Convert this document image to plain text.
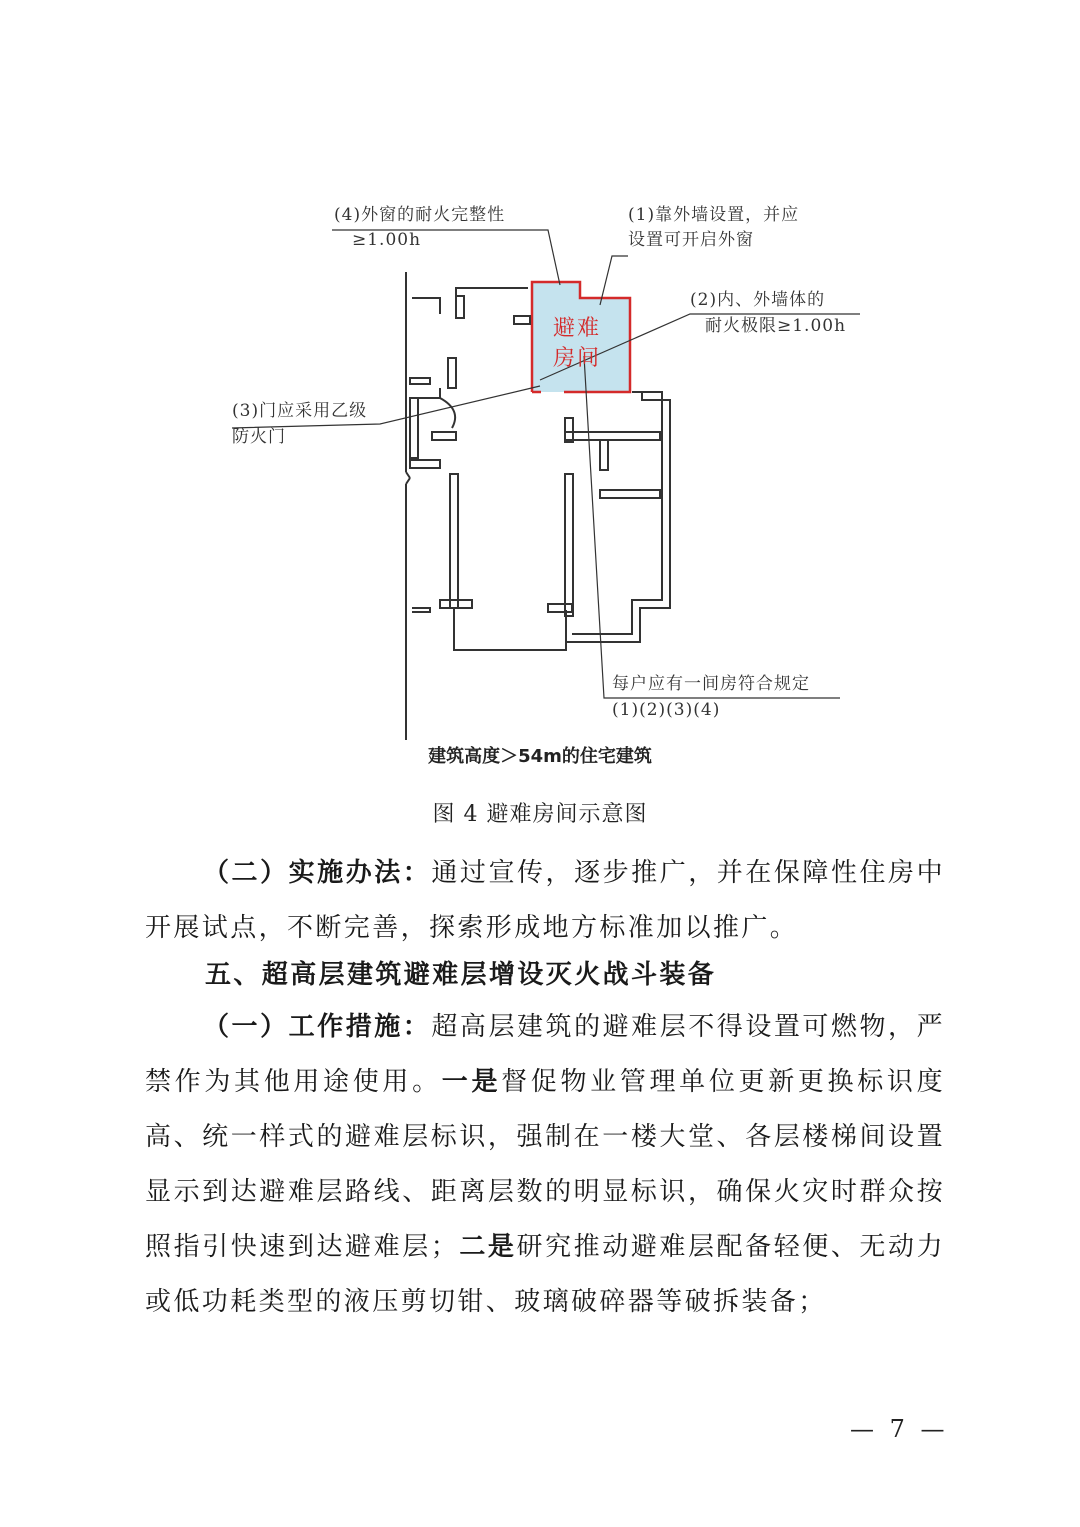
避难
房间
(4)外窗的耐火完整性
≥1.00h
(1)靠外墙设置，并应
设置可开启外窗
(2)内、外墙体的
耐火极限≥1.00h
(3)门应采用乙级
防火门
每户应有一间房符合规定
(1)(2)(3)(4)
建筑高度＞54m的住宅建筑
图 4 避难房间示意图

（二）实施办法：通过宣传，逐步推广，并在保障性住房中开展试点，不断完善，探索形成地方标准加以推广。

五、超高层建筑避难层增设灭火战斗装备

（一）工作措施：超高层建筑的避难层不得设置可燃物，严禁作为其他用途使用。一是督促物业管理单位更新更换标识度高、统一样式的避难层标识，强制在一楼大堂、各层楼梯间设置显示到达避难层路线、距离层数的明显标识，确保火灾时群众按照指引快速到达避难层；二是研究推动避难层配备轻便、无动力或低功耗类型的液压剪切钳、玻璃破碎器等破拆装备；

— 7 —
